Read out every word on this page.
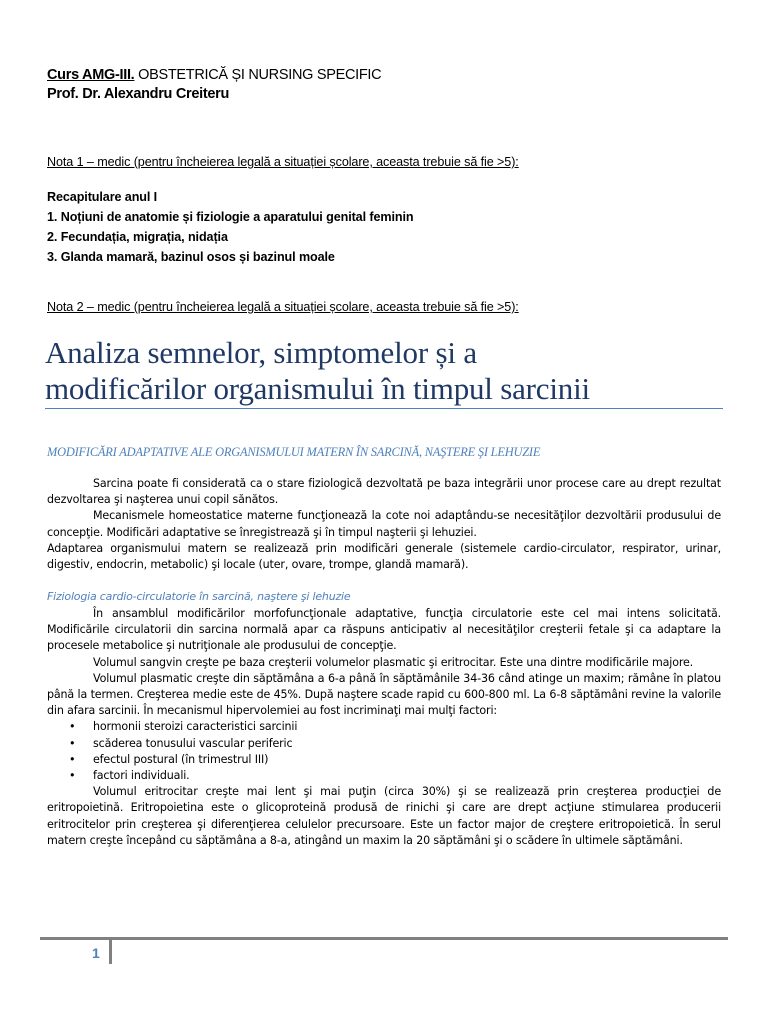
Curs AMG-III. OBSTETRICĂ ȘI NURSING SPECIFIC
Prof. Dr. Alexandru Creiteru
Nota 1 – medic (pentru încheierea legală a situației școlare, aceasta trebuie să fie >5):
Recapitulare anul I
1. Noțiuni de anatomie și fiziologie a aparatului genital feminin
2. Fecundația, migrația, nidația
3. Glanda mamară, bazinul osos și bazinul moale
Nota 2 – medic (pentru încheierea legală a situației școlare, aceasta trebuie să fie >5):
Analiza semnelor, simptomelor și a
modificărilor organismului în timpul sarcinii
MODIFICĂRI ADAPTATIVE ALE ORGANISMULUI MATERN ÎN SARCINĂ, NAŞTERE ŞI LEHUZIE

Sarcina poate fi considerată ca o stare fiziologică dezvoltată pe baza integrării unor procese care au drept rezultat dezvoltarea şi naşterea unui copil sănătos.

Mecanismele homeostatice materne funcţionează la cote noi adaptându-se necesităţilor dezvoltării produsului de concepţie. Modificări adaptative se înregistrează şi în timpul naşterii şi lehuziei.

Adaptarea organismului matern se realizează prin modificări generale (sistemele cardio-circulator, respirator, urinar, digestiv, endocrin, metabolic) şi locale (uter, ovare, trompe, glandă mamară).

Fiziologia cardio-circulatorie în sarcină, naştere şi lehuzie

În ansamblul modificărilor morfofuncţionale adaptative, funcţia circulatorie este cel mai intens solicitată. Modificările circulatorii din sarcina normală apar ca răspuns anticipativ al necesităţilor creşterii fetale şi ca adaptare la procesele metabolice şi nutriţionale ale produsului de concepţie.

Volumul sangvin creşte pe baza creşterii volumelor plasmatic şi eritrocitar. Este una dintre modificările majore.

Volumul plasmatic creşte din săptămâna a 6-a până în săptămânile 34-36 când atinge un maxim; rămâne în platou până la termen. Creşterea medie este de 45%. După naştere scade rapid cu 600-800 ml. La 6-8 săptămâni revine la valorile din afara sarcinii. În mecanismul hipervolemiei au fost incriminaţi mai mulţi factori:

• hormonii steroizi caracteristici sarcinii
• scăderea tonusului vascular periferic
• efectul postural (în trimestrul III)
• factori individuali.

Volumul eritrocitar creşte mai lent şi mai puţin (circa 30%) şi se realizează prin creşterea producţiei de eritropoietină. Eritropoietina este o glicoproteină produsă de rinichi şi care are drept acţiune stimularea producerii eritrocitelor prin creşterea şi diferenţierea celulelor precursoare. Este un factor major de creştere eritropoietică. În serul matern creşte începând cu săptămâna a 8-a, atingând un maxim la 20 săptămâni şi o scădere în ultimele săptămâni.

1
